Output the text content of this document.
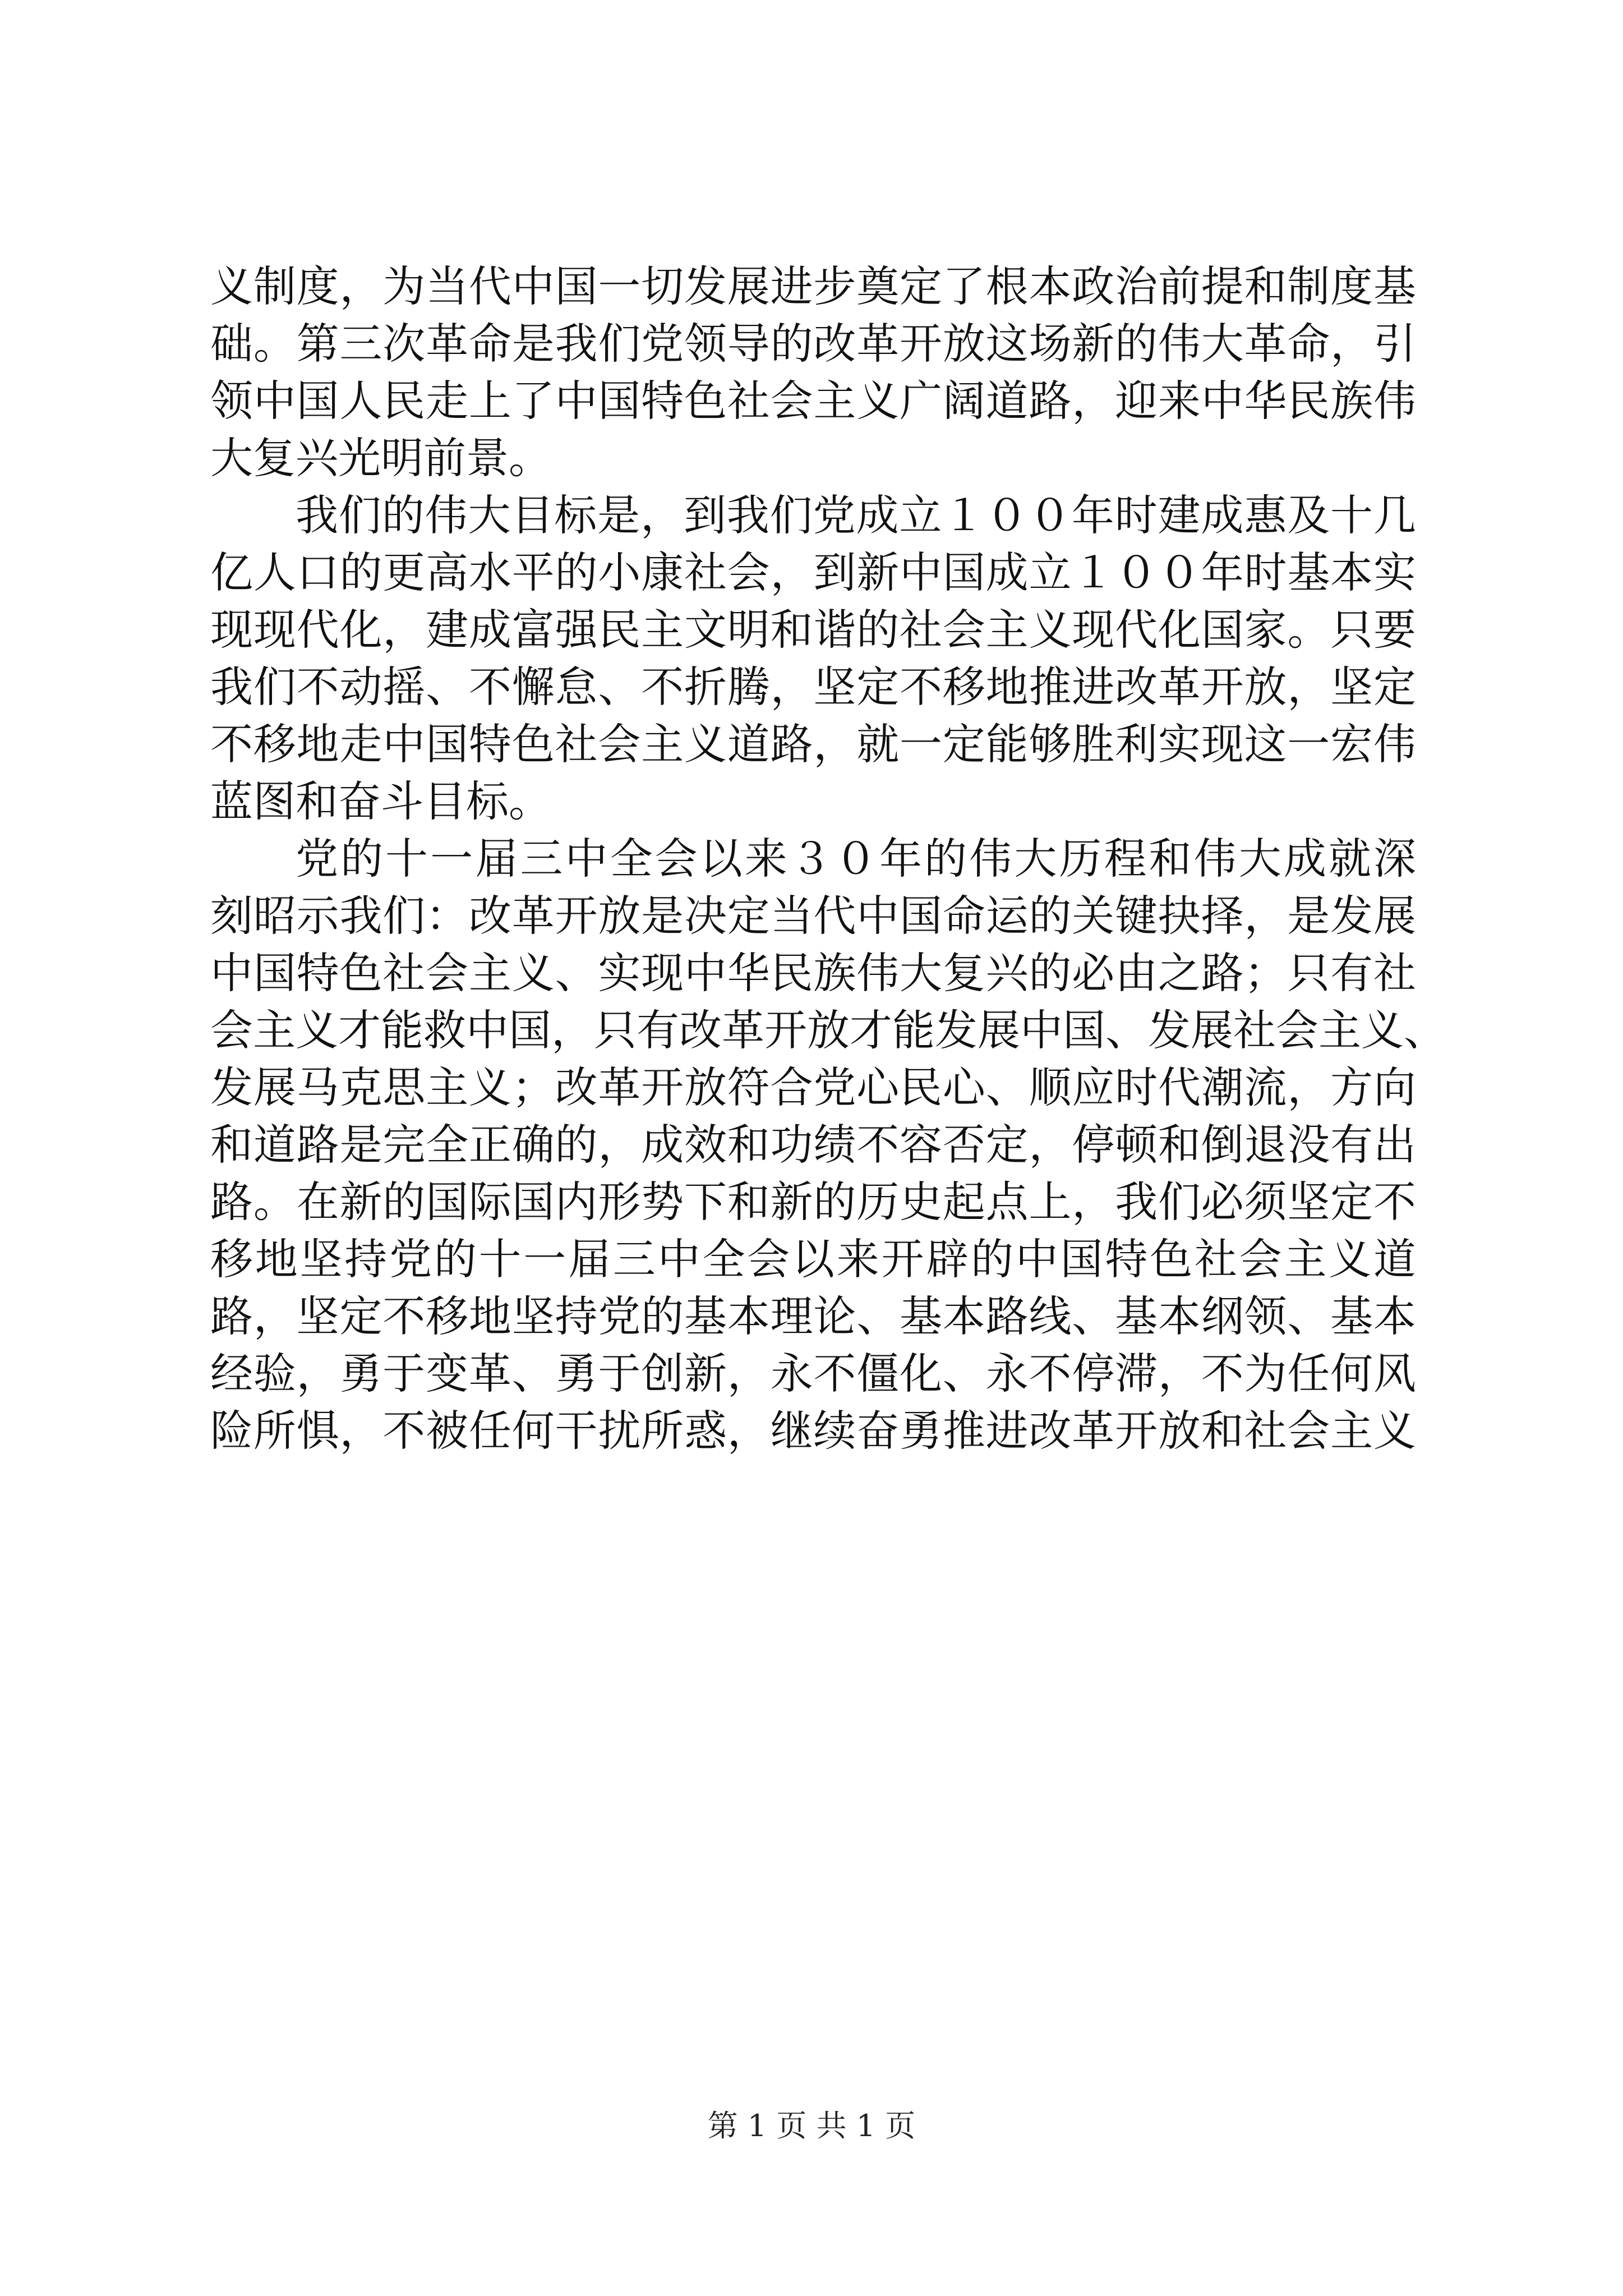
义制度，为当代中国一切发展进步奠定了根本政治前提和制度基
础。第三次革命是我们党领导的改革开放这场新的伟大革命，引
领中国人民走上了中国特色社会主义广阔道路，迎来中华民族伟
大复兴光明前景。
我们的伟大目标是，到我们党成立１００年时建成惠及十几
亿人口的更高水平的小康社会，到新中国成立１００年时基本实
现现代化，建成富强民主文明和谐的社会主义现代化国家。只要
我们不动摇、不懈怠、不折腾，坚定不移地推进改革开放，坚定
不移地走中国特色社会主义道路，就一定能够胜利实现这一宏伟
蓝图和奋斗目标。
党的十一届三中全会以来３０年的伟大历程和伟大成就深
刻昭示我们：改革开放是决定当代中国命运的关键抉择，是发展
中国特色社会主义、实现中华民族伟大复兴的必由之路；只有社
会主义才能救中国，只有改革开放才能发展中国、发展社会主义、
发展马克思主义；改革开放符合党心民心、顺应时代潮流，方向
和道路是完全正确的，成效和功绩不容否定，停顿和倒退没有出
路。在新的国际国内形势下和新的历史起点上，我们必须坚定不
移地坚持党的十一届三中全会以来开辟的中国特色社会主义道
路，坚定不移地坚持党的基本理论、基本路线、基本纲领、基本
经验，勇于变革、勇于创新，永不僵化、永不停滞，不为任何风
险所惧，不被任何干扰所惑，继续奋勇推进改革开放和社会主义
第 1 页 共 1 页
